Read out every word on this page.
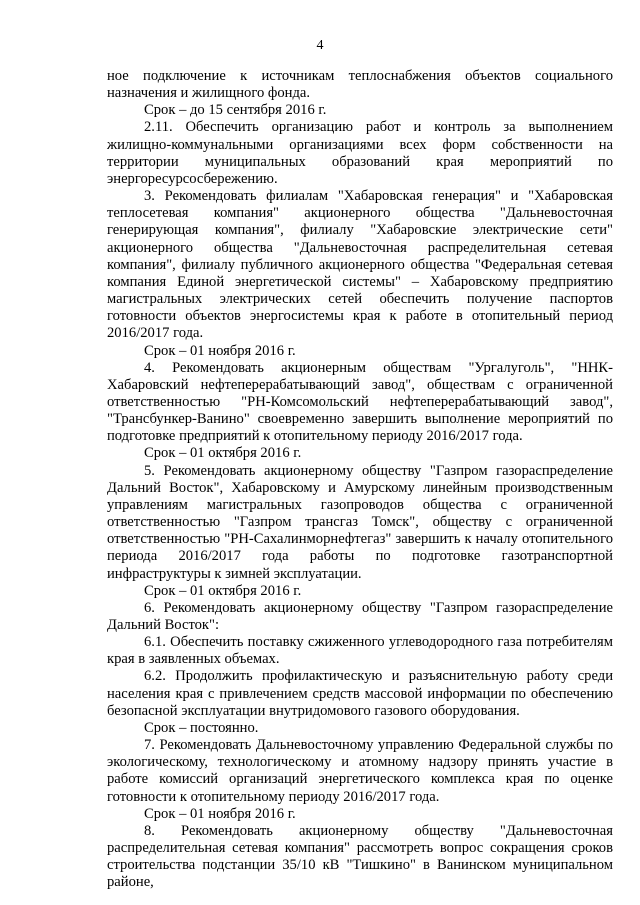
4

ное подключение к источникам теплоснабжения объектов социального назначения и жилищного фонда.

Срок – до 15 сентября 2016 г.

2.11. Обеспечить организацию работ и контроль за выполнением жилищно-коммунальными организациями всех форм собственности на территории муниципальных образований края мероприятий по энергоресурсосбережению.

3. Рекомендовать филиалам "Хабаровская генерация" и "Хабаровская теплосетевая компания" акционерного общества "Дальневосточная генерирующая компания", филиалу "Хабаровские электрические сети" акционерного общества "Дальневосточная распределительная сетевая компания", филиалу публичного акционерного общества "Федеральная сетевая компания Единой энергетической системы" – Хабаровскому предприятию магистральных электрических сетей обеспечить получение паспортов готовности объектов энергосистемы края к работе в отопительный период 2016/2017 года.

Срок – 01 ноября 2016 г.

4. Рекомендовать акционерным обществам "Ургалуголь", "ННК-Хабаровский нефтеперерабатывающий завод", обществам с ограниченной ответственностью "РН-Комсомольский нефтеперерабатывающий завод", "Трансбункер-Ванино" своевременно завершить выполнение мероприятий по подготовке предприятий к отопительному периоду 2016/2017 года.

Срок – 01 октября 2016 г.

5. Рекомендовать акционерному обществу "Газпром газораспределение Дальний Восток", Хабаровскому и Амурскому линейным производственным управлениям магистральных газопроводов общества с ограниченной ответственностью "Газпром трансгаз Томск", обществу с ограниченной ответственностью "РН-Сахалинморнефтегаз" завершить к началу отопительного периода 2016/2017 года работы по подготовке газотранспортной инфраструктуры к зимней эксплуатации.

Срок – 01 октября 2016 г.

6. Рекомендовать акционерному обществу "Газпром газораспределение Дальний Восток":

6.1. Обеспечить поставку сжиженного углеводородного газа потребителям края в заявленных объемах.

6.2. Продолжить профилактическую и разъяснительную работу среди населения края с привлечением средств массовой информации по обеспечению безопасной эксплуатации внутридомового газового оборудования.

Срок – постоянно.

7. Рекомендовать Дальневосточному управлению Федеральной службы по экологическому, технологическому и атомному надзору принять участие в работе комиссий организаций энергетического комплекса края по оценке готовности к отопительному периоду 2016/2017 года.

Срок – 01 ноября 2016 г.

8. Рекомендовать акционерному обществу "Дальневосточная распределительная сетевая компания" рассмотреть вопрос сокращения сроков строительства подстанции 35/10 кВ "Тишкино" в Ванинском муниципальном районе,
